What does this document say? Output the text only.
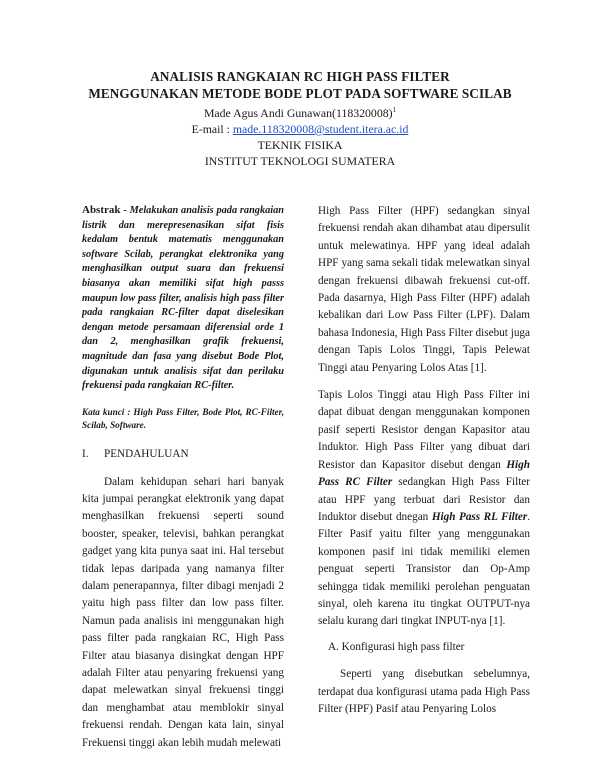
ANALISIS RANGKAIAN RC HIGH PASS FILTER
MENGGUNAKAN METODE BODE PLOT PADA SOFTWARE SCILAB
Made Agus Andi $Gunawan(118320008)^1$
E-mail : made.118320008@student.itera.ac.id
TEKNIK FISIKA
INSTITUT TEKNOLOGI SUMATERA

Abstrak - Melakukan analisis pada rangkaian listrik dan merepresenasikan sifat fisis kedalam bentuk matematis menggunakan software Scilab, perangkat elektronika yang menghasilkan output suara dan frekuensi biasanya akan memiliki sifat high passs maupun low pass filter, analisis high pass filter pada rangkaian RC-filter dapat diselesikan dengan metode persamaan diferensial orde 1 dan 2, menghasilkan grafik frekuensi, magnitude dan fasa yang disebut Bode Plot, digunakan untuk analisis sifat dan perilaku frekuensi pada rangkaian RC-filter.

Kata kunci : High Pass Filter, Bode Plot, RC-Filter, Scilab, Software.

I. PENDAHULUAN

Dalam kehidupan sehari hari banyak kita jumpai perangkat elektronik yang dapat menghasilkan frekuensi seperti sound booster, speaker, televisi, bahkan perangkat gadget yang kita punya saat ini. Hal tersebut tidak lepas daripada yang namanya filter dalam penerapannya, filter dibagi menjadi 2 yaitu high pass filter dan low pass filter. Namun pada analisis ini menggunakan high pass filter pada rangkaian RC, High Pass Filter atau biasanya disingkat dengan HPF adalah Filter atau penyaring frekuensi yang dapat melewatkan sinyal frekuensi tinggi dan menghambat atau memblokir sinyal frekuensi rendah. Dengan kata lain, sinyal Frekuensi tinggi akan lebih mudah melewati

High Pass Filter (HPF) sedangkan sinyal frekuensi rendah akan dihambat atau dipersulit untuk melewatinya. HPF yang ideal adalah HPF yang sama sekali tidak melewatkan sinyal dengan frekuensi dibawah frekuensi cut-off. Pada dasarnya, High Pass Filter (HPF) adalah kebalikan dari Low Pass Filter (LPF). Dalam bahasa Indonesia, High Pass Filter disebut juga dengan Tapis Lolos Tinggi, Tapis Pelewat Tinggi atau Penyaring Lolos Atas [1].

Tapis Lolos Tinggi atau High Pass Filter ini dapat dibuat dengan menggunakan komponen pasif seperti Resistor dengan Kapasitor atau Induktor. High Pass Filter yang dibuat dari Resistor dan Kapasitor disebut dengan High Pass RC Filter sedangkan High Pass Filter atau HPF yang terbuat dari Resistor dan Induktor disebut dnegan High Pass RL Filter. Filter Pasif yaitu filter yang menggunakan komponen pasif ini tidak memiliki elemen penguat seperti Transistor dan Op-Amp sehingga tidak memiliki perolehan penguatan sinyal, oleh karena itu tingkat OUTPUT-nya selalu kurang dari tingkat INPUT-nya [1].

A. Konfigurasi high pass filter

Seperti yang disebutkan sebelumnya, terdapat dua konfigurasi utama pada High Pass Filter (HPF) Pasif atau Penyaring Lolos
